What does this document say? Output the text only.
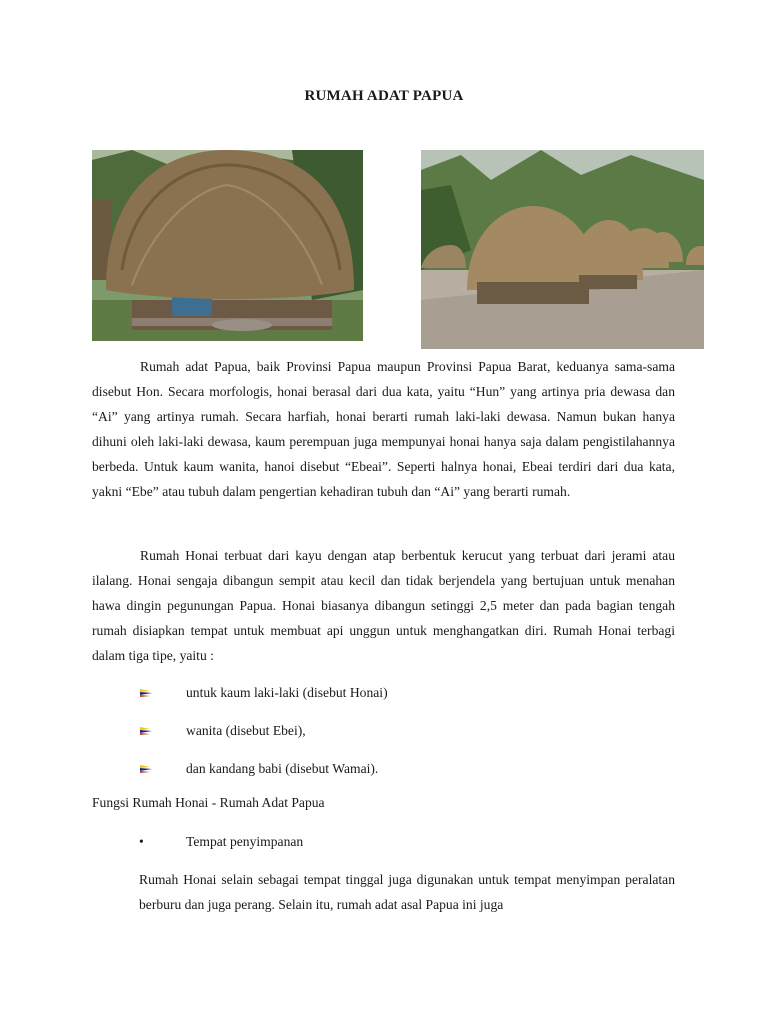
RUMAH ADAT PAPUA

Rumah adat Papua, baik Provinsi Papua maupun Provinsi Papua Barat, keduanya sama-sama disebut Hon. Secara morfologis, honai berasal dari dua kata, yaitu “Hun” yang artinya pria dewasa dan “Ai” yang artinya rumah. Secara harfiah, honai berarti rumah laki-laki dewasa. Namun bukan hanya dihuni oleh laki-laki dewasa, kaum perempuan juga mempunyai honai hanya saja dalam pengistilahannya berbeda. Untuk kaum wanita, hanoi disebut “Ebeai”. Seperti halnya honai, Ebeai terdiri dari dua kata, yakni “Ebe” atau tubuh dalam pengertian kehadiran tubuh dan “Ai” yang berarti rumah.

Rumah Honai terbuat dari kayu dengan atap berbentuk kerucut yang terbuat dari jerami atau ilalang. Honai sengaja dibangun sempit atau kecil dan tidak berjendela yang bertujuan untuk menahan hawa dingin pegunungan Papua. Honai biasanya dibangun setinggi 2,5 meter dan pada bagian tengah rumah disiapkan tempat untuk membuat api unggun untuk menghangatkan diri. Rumah Honai terbagi dalam tiga tipe, yaitu :

untuk kaum laki-laki (disebut Honai)
wanita (disebut Ebei),
dan kandang babi (disebut Wamai).
Fungsi Rumah Honai - Rumah Adat Papua
•	Tempat penyimpanan

Rumah Honai selain sebagai tempat tinggal juga digunakan untuk tempat menyimpan peralatan berburu dan juga perang. Selain itu, rumah adat asal Papua ini juga
